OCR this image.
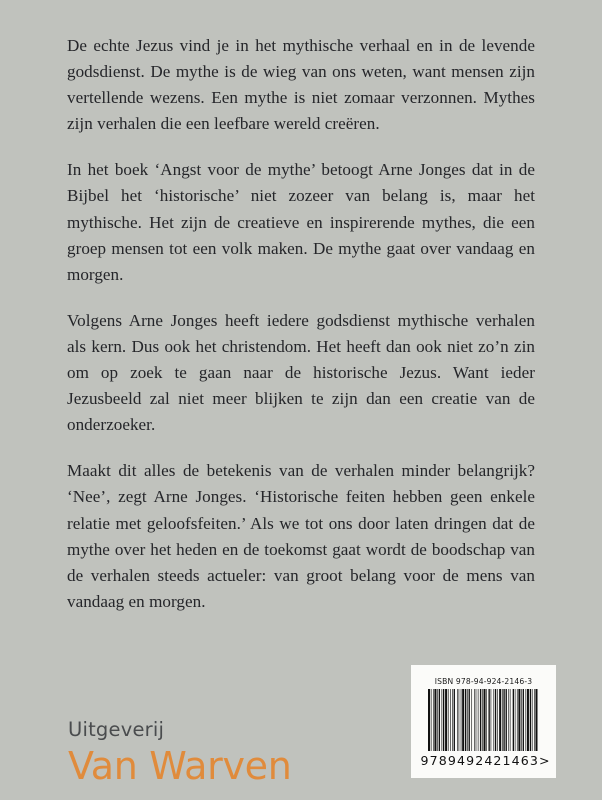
De echte Jezus vind je in het mythische verhaal en in de levende godsdienst. De mythe is de wieg van ons weten, want mensen zijn vertellende wezens. Een mythe is niet zomaar verzonnen. Mythes zijn verhalen die een leefbare wereld creëren.

In het boek ‘Angst voor de mythe’ betoogt Arne Jonges dat in de Bijbel het ‘historische’ niet zozeer van belang is, maar het mythische. Het zijn de creatieve en inspirerende mythes, die een groep mensen tot een volk maken. De mythe gaat over vandaag en morgen.

Volgens Arne Jonges heeft iedere godsdienst mythische verhalen als kern. Dus ook het christendom. Het heeft dan ook niet zo’n zin om op zoek te gaan naar de historische Jezus. Want ieder Jezusbeeld zal niet meer blijken te zijn dan een creatie van de onderzoeker.

Maakt dit alles de betekenis van de verhalen minder belangrijk? ‘Nee’, zegt Arne Jonges. ‘Historische feiten hebben geen enkele relatie met geloofsfeiten.’ Als we tot ons door laten dringen dat de mythe over het heden en de toekomst gaat wordt de boodschap van de verhalen steeds actueler: van groot belang voor de mens van vandaag en morgen.

Uitgeverij
Van Warven
ISBN 978-94-924-2146-3
9 789492 421463 >
